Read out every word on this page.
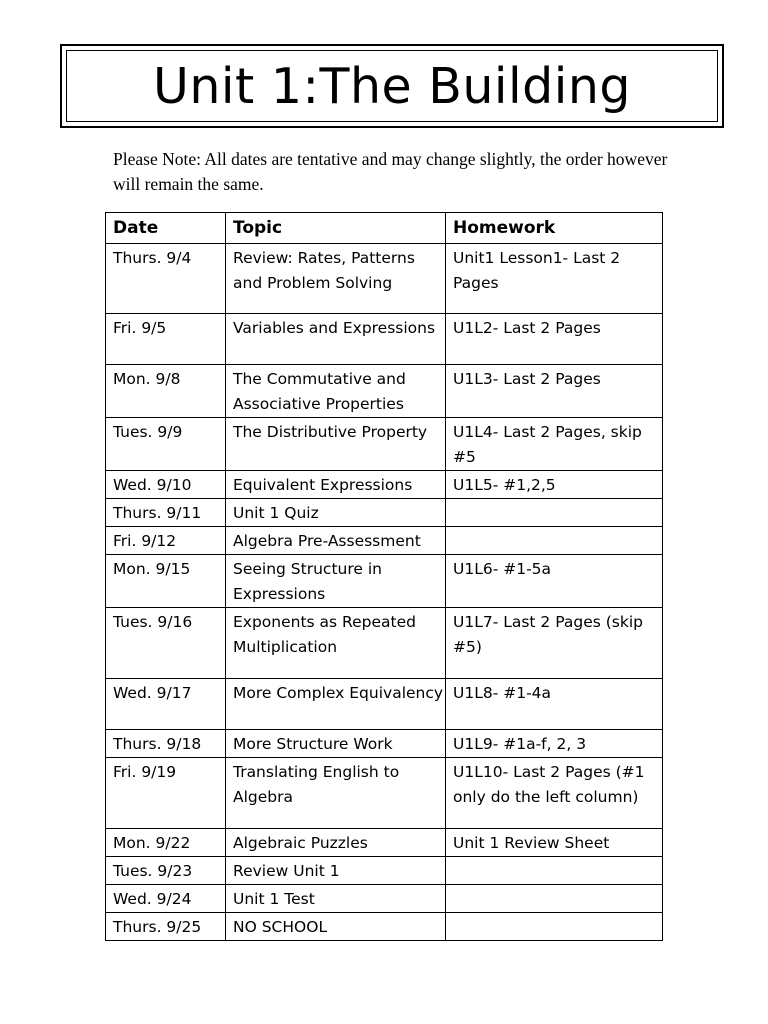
Unit 1:The Building

Please Note: All dates are tentative and may change slightly, the order however will remain the same.

Date	Topic	Homework
Thurs. 9/4	Review: Rates, Patterns and Problem Solving	Unit1 Lesson1- Last 2 Pages
Fri. 9/5	Variables and Expressions	U1L2- Last 2 Pages
Mon. 9/8	The Commutative and Associative Properties	U1L3- Last 2 Pages
Tues. 9/9	The Distributive Property	U1L4- Last 2 Pages, skip #5
Wed. 9/10	Equivalent Expressions	U1L5- #1,2,5
Thurs. 9/11	Unit 1 Quiz	
Fri. 9/12	Algebra Pre-Assessment	
Mon. 9/15	Seeing Structure in Expressions	U1L6- #1-5a
Tues. 9/16	Exponents as Repeated Multiplication	U1L7- Last 2 Pages (skip #5)
Wed. 9/17	More Complex Equivalency	U1L8- #1-4a
Thurs. 9/18	More Structure Work	U1L9- #1a-f, 2, 3
Fri. 9/19	Translating English to Algebra	U1L10- Last 2 Pages (#1 only do the left column)
Mon. 9/22	Algebraic Puzzles	Unit 1 Review Sheet
Tues. 9/23	Review Unit 1	
Wed. 9/24	Unit 1 Test	
Thurs. 9/25	NO SCHOOL	
